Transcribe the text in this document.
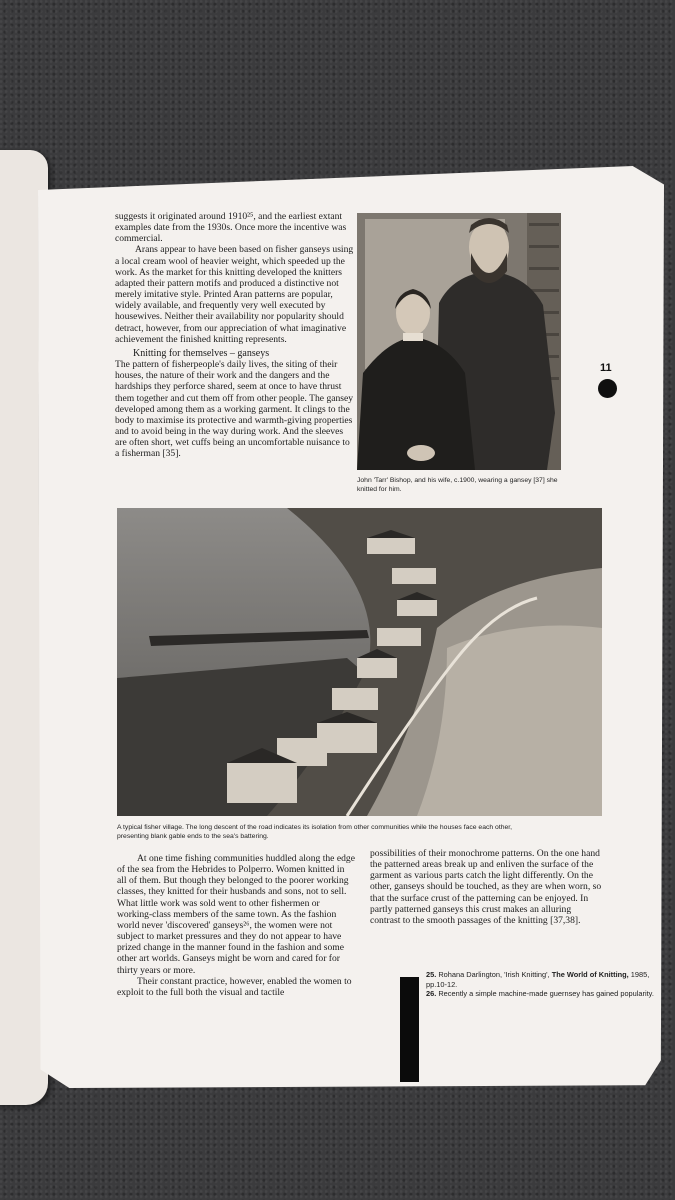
suggests it originated around 1910²⁵, and the earliest extant examples date from the 1930s. Once more the incentive was commercial.

Arans appear to have been based on fisher ganseys using a local cream wool of heavier weight, which speeded up the work. As the market for this knitting developed the knitters adapted their pattern motifs and produced a distinctive not merely imitative style. Printed Aran patterns are popular, widely available, and frequently very well executed by housewives. Neither their availability nor popularity should detract, however, from our appreciation of what imaginative achievement the finished knitting represents.

Knitting for themselves – ganseys

The pattern of fisherpeople's daily lives, the siting of their houses, the nature of their work and the dangers and the hardships they perforce shared, seem at once to have thrust them together and cut them off from other people. The gansey developed among them as a working garment. It clings to the body to maximise its protective and warmth-giving properties and to avoid being in the way during work. And the sleeves are often short, wet cuffs being an uncomfortable nuisance to a fisherman [35].

John 'Tarr' Bishop, and his wife, c.1900, wearing a gansey [37] she knitted for him.
11
A typical fisher village. The long descent of the road indicates its isolation from other communities while the houses face each other, presenting blank gable ends to the sea's battering.

At one time fishing communities huddled along the edge of the sea from the Hebrides to Polperro. Women knitted in all of them. But though they belonged to the poorer working classes, they knitted for their husbands and sons, not to sell. What little work was sold went to other fishermen or working-class members of the same town. As the fashion world never 'discovered' ganseys²⁶, the women were not subject to market pressures and they do not appear to have prized change in the manner found in the fashion and some other art worlds. Ganseys might be worn and cared for for thirty years or more.

Their constant practice, however, enabled the women to exploit to the full both the visual and tactile

possibilities of their monochrome patterns. On the one hand the patterned areas break up and enliven the surface of the garment as various parts catch the light differently. On the other, ganseys should be touched, as they are when worn, so that the surface crust of the patterning can be enjoyed. In partly patterned ganseys this crust makes an alluring contrast to the smooth passages of the knitting [37,38].

25. Rohana Darlington, 'Irish Knitting', The World of Knitting, 1985, pp.10-12.

26. Recently a simple machine-made guernsey has gained popularity.
